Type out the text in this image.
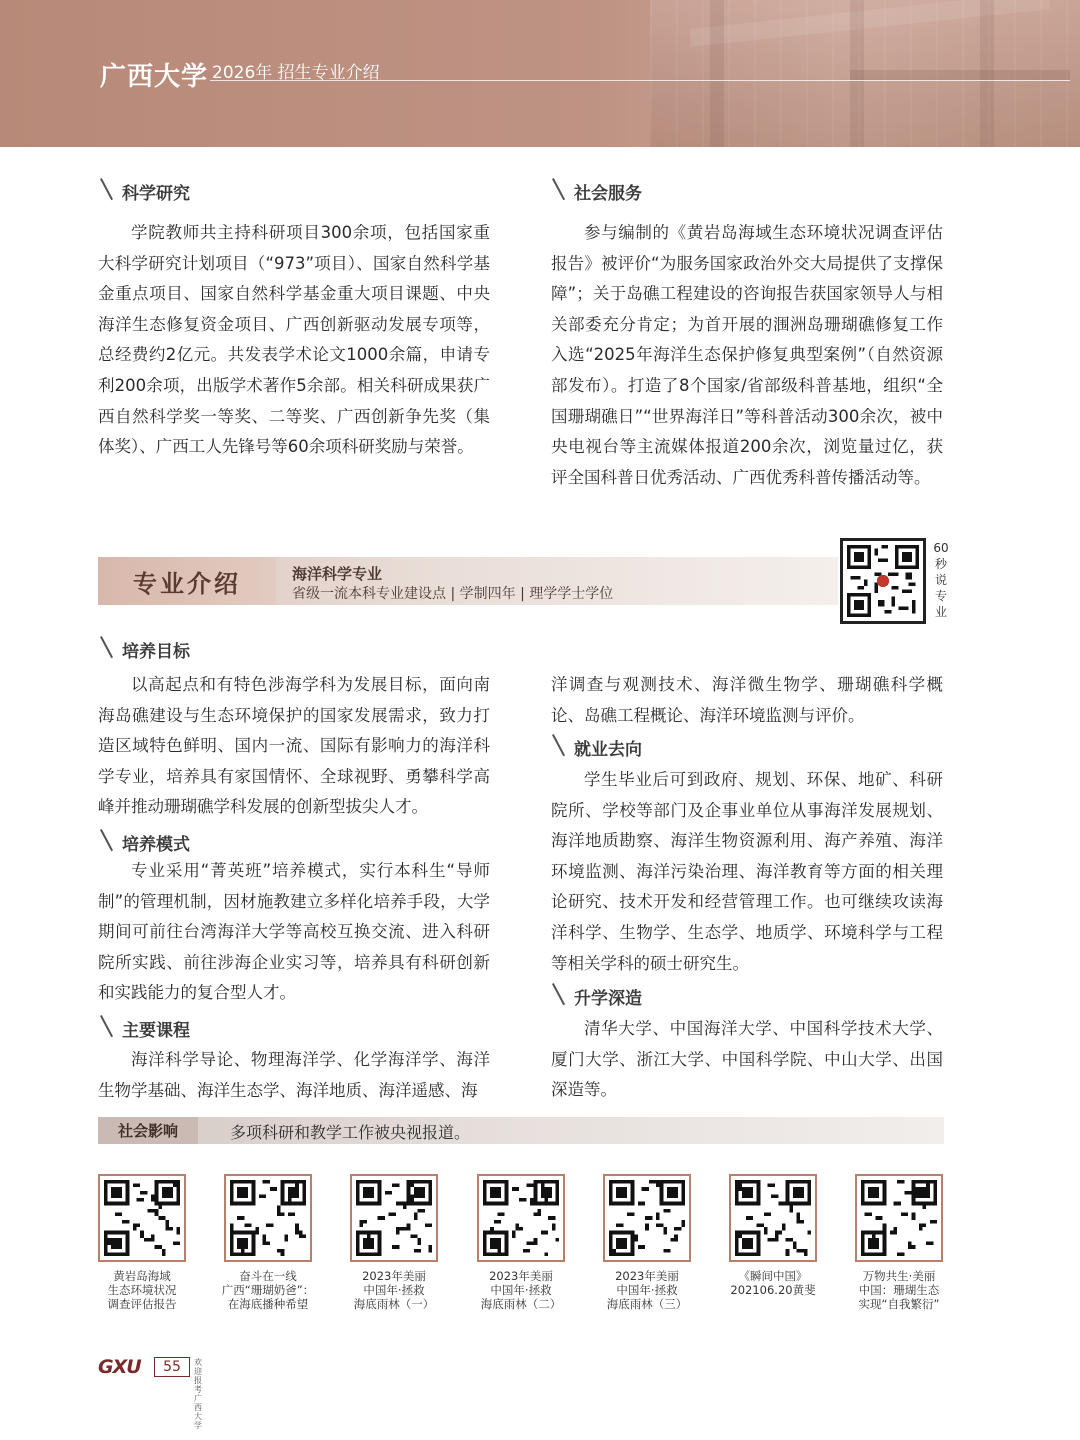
广西大学 2026年 招生专业介绍
科学研究

学院教师共主持科研项目300余项，包括国家重大科学研究计划项目（“973”项目）、国家自然科学基金重点项目、国家自然科学基金重大项目课题、中央海洋生态修复资金项目、广西创新驱动发展专项等，总经费约2亿元。共发表学术论文1000余篇，申请专利200余项，出版学术著作5余部。相关科研成果获广西自然科学奖一等奖、二等奖、广西创新争先奖（集体奖）、广西工人先锋号等60余项科研奖励与荣誉。

社会服务

参与编制的《黄岩岛海域生态环境状况调查评估报告》被评价“为服务国家政治外交大局提供了支撑保障”；关于岛礁工程建设的咨询报告获国家领导人与相关部委充分肯定；为首开展的涠洲岛珊瑚礁修复工作入选“2025年海洋生态保护修复典型案例”（自然资源部发布）。打造了8个国家/省部级科普基地，组织“全国珊瑚礁日”“世界海洋日”等科普活动300余次，被中央电视台等主流媒体报道200余次，浏览量过亿，获评全国科普日优秀活动、广西优秀科普传播活动等。

专业介绍	海洋科学专业
省级一流本科专业建设点 | 学制四年 | 理学学士学位
60
秒
说
专
业
培养目标

以高起点和有特色涉海学科为发展目标，面向南海岛礁建设与生态环境保护的国家发展需求，致力打造区域特色鲜明、国内一流、国际有影响力的海洋科学专业，培养具有家国情怀、全球视野、勇攀科学高峰并推动珊瑚礁学科发展的创新型拔尖人才。

培养模式

专业采用“菁英班”培养模式，实行本科生“导师制”的管理机制，因材施教建立多样化培养手段，大学期间可前往台湾海洋大学等高校互换交流、进入科研院所实践、前往涉海企业实习等，培养具有科研创新和实践能力的复合型人才。

主要课程

海洋科学导论、物理海洋学、化学海洋学、海洋生物学基础、海洋生态学、海洋地质、海洋遥感、海

洋调查与观测技术、海洋微生物学、珊瑚礁科学概论、岛礁工程概论、海洋环境监测与评价。

就业去向

学生毕业后可到政府、规划、环保、地矿、科研院所、学校等部门及企事业单位从事海洋发展规划、海洋地质勘察、海洋生物资源利用、海产养殖、海洋环境监测、海洋污染治理、海洋教育等方面的相关理论研究、技术开发和经营管理工作。也可继续攻读海洋科学、生物学、生态学、地质学、环境科学与工程等相关学科的硕士研究生。

升学深造

清华大学、中国海洋大学、中国科学技术大学、厦门大学、浙江大学、中国科学院、中山大学、出国深造等。

社会影响	多项科研和教学工作被央视报道。
黄岩岛海域
生态环境状况
调查评估报告
奋斗在一线
广西“珊瑚奶爸”：
在海底播种希望
2023年美丽
中国年·拯救
海底雨林（一）
2023年美丽
中国年·拯救
海底雨林（二）
2023年美丽
中国年·拯救
海底雨林（三）
《瞬间中国》
202106.20黄斐
万物共生·美丽
中国：珊瑚生态
实现“自我繁衍”
GXU	55	欢迎报考
广西大学
